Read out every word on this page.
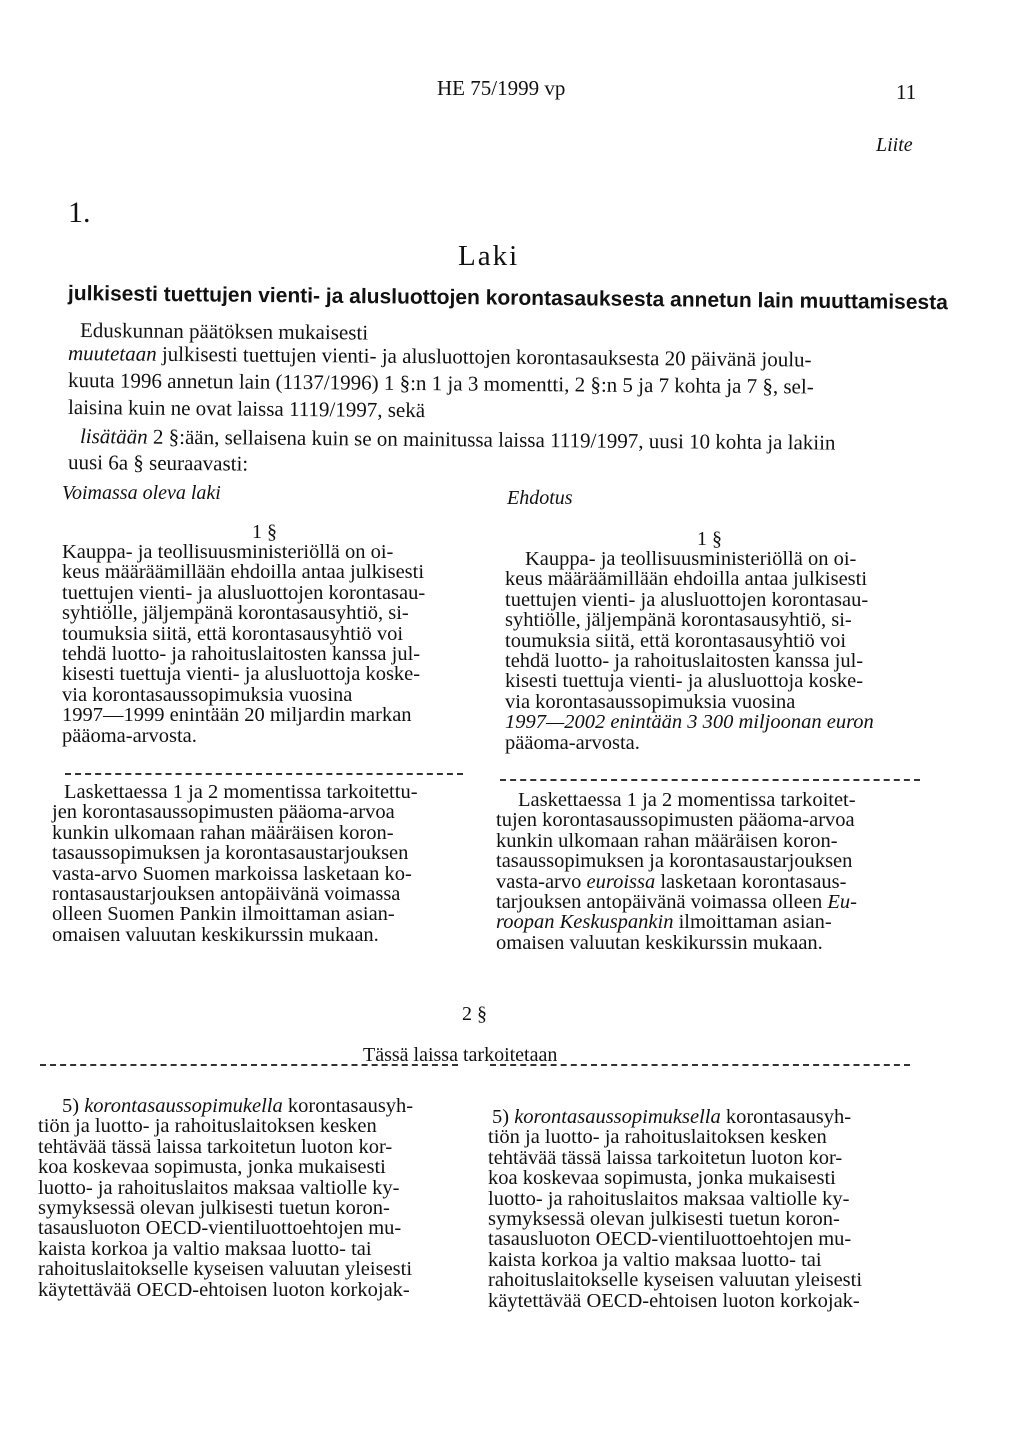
HE 75/1999 vp	11
Liite
1.
Laki
julkisesti tuettujen vienti- ja alusluottojen korontasauksesta annetun lain muuttamisesta
Eduskunnan päätöksen mukaisesti
muutetaan julkisesti tuettujen vienti- ja alusluottojen korontasauksesta 20 päivänä joulu-
kuuta 1996 annetun lain (1137/1996) 1 §:n 1 ja 3 momentti, 2 §:n 5 ja 7 kohta ja 7 §, sel-
laisina kuin ne ovat laissa 1119/1997, sekä
lisätään 2 §:ään, sellaisena kuin se on mainitussa laissa 1119/1997, uusi 10 kohta ja lakiin
uusi 6a § seuraavasti:
Voimassa oleva laki	Ehdotus
1 §
Kauppa- ja teollisuusministeriöllä on oi-
keus määräämillään ehdoilla antaa julkisesti
tuettujen vienti- ja alusluottojen korontasau-
syhtiölle, jäljempänä korontasausyhtiö, si-
toumuksia siitä, että korontasausyhtiö voi
tehdä luotto- ja rahoituslaitosten kanssa jul-
kisesti tuettuja vienti- ja alusluottoja koske-
via korontasaussopimuksia vuosina
1997—1999 enintään 20 miljardin markan
pääoma-arvosta.
Laskettaessa 1 ja 2 momentissa tarkoitettu-
jen korontasaussopimusten pääoma-arvoa
kunkin ulkomaan rahan määräisen koron-
tasaussopimuksen ja korontasaustarjouksen
vasta-arvo Suomen markoissa lasketaan ko-
rontasaustarjouksen antopäivänä voimassa
olleen Suomen Pankin ilmoittaman asian-
omaisen valuutan keskikurssin mukaan.
5) korontasaussopimukella korontasausyh-
tiön ja luotto- ja rahoituslaitoksen kesken
tehtävää tässä laissa tarkoitetun luoton kor-
koa koskevaa sopimusta, jonka mukaisesti
luotto- ja rahoituslaitos maksaa valtiolle ky-
symyksessä olevan julkisesti tuetun koron-
tasausluoton OECD-vientiluottoehtojen mu-
kaista korkoa ja valtio maksaa luotto- tai
rahoituslaitokselle kyseisen valuutan yleisesti
käytettävää OECD-ehtoisen luoton korkojak-
1 §
Kauppa- ja teollisuusministeriöllä on oi-
keus määräämillään ehdoilla antaa julkisesti
tuettujen vienti- ja alusluottojen korontasau-
syhtiölle, jäljempänä korontasausyhtiö, si-
toumuksia siitä, että korontasausyhtiö voi
tehdä luotto- ja rahoituslaitosten kanssa jul-
kisesti tuettuja vienti- ja alusluottoja koske-
via korontasaussopimuksia vuosina
1997—2002 enintään 3 300 miljoonan euron
pääoma-arvosta.
Laskettaessa 1 ja 2 momentissa tarkoitet-
tujen korontasaussopimusten pääoma-arvoa
kunkin ulkomaan rahan määräisen koron-
tasaussopimuksen ja korontasaustarjouksen
vasta-arvo euroissa lasketaan korontasaus-
tarjouksen antopäivänä voimassa olleen Eu-
roopan Keskuspankin ilmoittaman asian-
omaisen valuutan keskikurssin mukaan.
5) korontasaussopimuksella korontasausyh-
tiön ja luotto- ja rahoituslaitoksen kesken
tehtävää tässä laissa tarkoitetun luoton kor-
koa koskevaa sopimusta, jonka mukaisesti
luotto- ja rahoituslaitos maksaa valtiolle ky-
symyksessä olevan julkisesti tuetun koron-
tasausluoton OECD-vientiluottoehtojen mu-
kaista korkoa ja valtio maksaa luotto- tai
rahoituslaitokselle kyseisen valuutan yleisesti
käytettävää OECD-ehtoisen luoton korkojak-
2 §
Tässä laissa tarkoitetaan
